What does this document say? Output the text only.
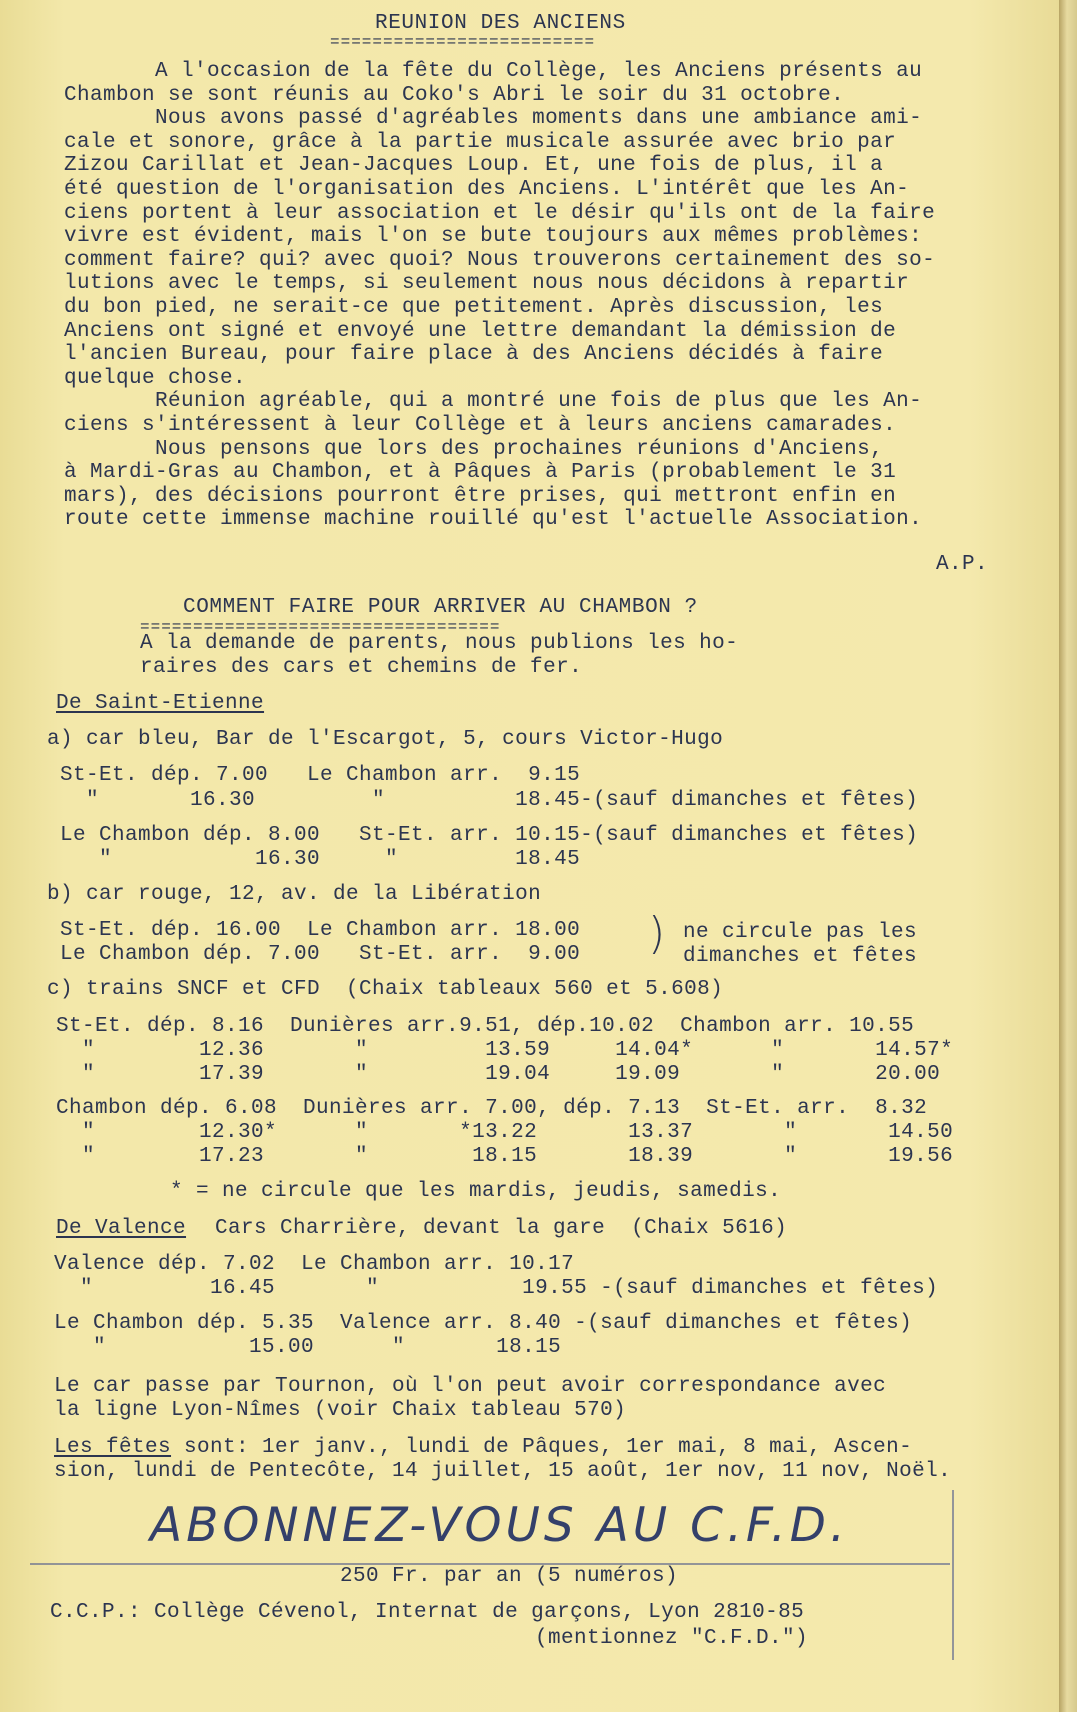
REUNION DES ANCIENS
=========================
A l'occasion de la fête du Collège, les Anciens présents au
Chambon se sont réunis au Coko's Abri le soir du 31 octobre.
Nous avons passé d'agréables moments dans une ambiance ami-
cale et sonore, grâce à la partie musicale assurée avec brio par
Zizou Carillat et Jean-Jacques Loup. Et, une fois de plus, il a
été question de l'organisation des Anciens. L'intérêt que les An-
ciens portent à leur association et le désir qu'ils ont de la faire
vivre est évident, mais l'on se bute toujours aux mêmes problèmes:
comment faire? qui? avec quoi? Nous trouverons certainement des so-
lutions avec le temps, si seulement nous nous décidons à repartir
du bon pied, ne serait-ce que petitement. Après discussion, les
Anciens ont signé et envoyé une lettre demandant la démission de
l'ancien Bureau, pour faire place à des Anciens décidés à faire
quelque chose.
Réunion agréable, qui a montré une fois de plus que les An-
ciens s'intéressent à leur Collège et à leurs anciens camarades.
Nous pensons que lors des prochaines réunions d'Anciens,
à Mardi-Gras au Chambon, et à Pâques à Paris (probablement le 31
mars), des décisions pourront être prises, qui mettront enfin en
route cette immense machine rouillé qu'est l'actuelle Association.
A.P.
COMMENT FAIRE POUR ARRIVER AU CHAMBON ?
==================================
A la demande de parents, nous publions les ho-
raires des cars et chemins de fer.
De Saint-Etienne
a) car bleu, Bar de l'Escargot, 5, cours Victor-Hugo
St-Et. dép. 7.00   Le Chambon arr.  9.15
"       16.30         "          18.45-(sauf dimanches et fêtes)
Le Chambon dép. 8.00   St-Et. arr. 10.15-(sauf dimanches et fêtes)
"           16.30     "         18.45
b) car rouge, 12, av. de la Libération
St-Et. dép. 16.00  Le Chambon arr. 18.00
Le Chambon dép. 7.00   St-Et. arr.  9.00 ) ne circule pas les
dimanches et fêtes
c) trains SNCF et CFD  (Chaix tableaux 560 et 5.608)
St-Et. dép. 8.16  Dunières arr.9.51, dép.10.02  Chambon arr. 10.55
"        12.36       "         13.59     14.04*      "       14.57*
"        17.39       "         19.04     19.09       "       20.00
Chambon dép. 6.08  Dunières arr. 7.00, dép. 7.13  St-Et. arr.  8.32
"        12.30*      "       *13.22       13.37       "       14.50
"        17.23       "        18.15       18.39       "       19.56
* = ne circule que les mardis, jeudis, samedis.
De Valence Cars Charrière, devant la gare  (Chaix 5616)
Valence dép. 7.02  Le Chambon arr. 10.17
"         16.45       "           19.55 -(sauf dimanches et fêtes)
Le Chambon dép. 5.35  Valence arr. 8.40 -(sauf dimanches et fêtes)
"           15.00      "       18.15
Le car passe par Tournon, où l'on peut avoir correspondance avec
la ligne Lyon-Nîmes (voir Chaix tableau 570)
Les fêtes sont: 1er janv., lundi de Pâques, 1er mai, 8 mai, Ascen-
sion, lundi de Pentecôte, 14 juillet, 15 août, 1er nov, 11 nov, Noël.
ABONNEZ-VOUS AU C.F.D.
250 Fr. par an (5 numéros)
C.C.P.: Collège Cévenol, Internat de garçons, Lyon 2810-85
(mentionnez "C.F.D.")
